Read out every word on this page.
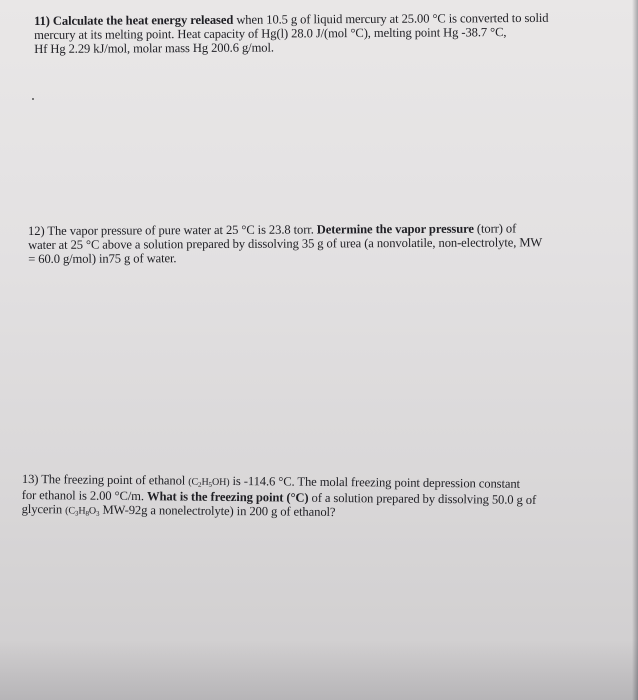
11) Calculate the heat energy released when 10.5 g of liquid mercury at 25.00 °C is converted to solid
mercury at its melting point. Heat capacity of Hg(l) 28.0 J/(mol °C), melting point Hg -38.7 °C,
Hf Hg 2.29 kJ/mol, molar mass Hg 200.6 g/mol.
12) The vapor pressure of pure water at 25 °C is 23.8 torr. Determine the vapor pressure (torr) of
water at 25 °C above a solution prepared by dissolving 35 g of urea (a nonvolatile, non-electrolyte, MW
= 60.0 g/mol) in75 g of water.
13) The freezing point of ethanol $(C_2H_5OH)$ is -114.6 °C. The molal freezing point depression constant
for ethanol is 2.00 °C/m. What is the freezing point (°C) of a solution prepared by dissolving 50.0 g of
glycerin ($C_3H_8O_3$ MW-92g a nonelectrolyte) in 200 g of ethanol?
